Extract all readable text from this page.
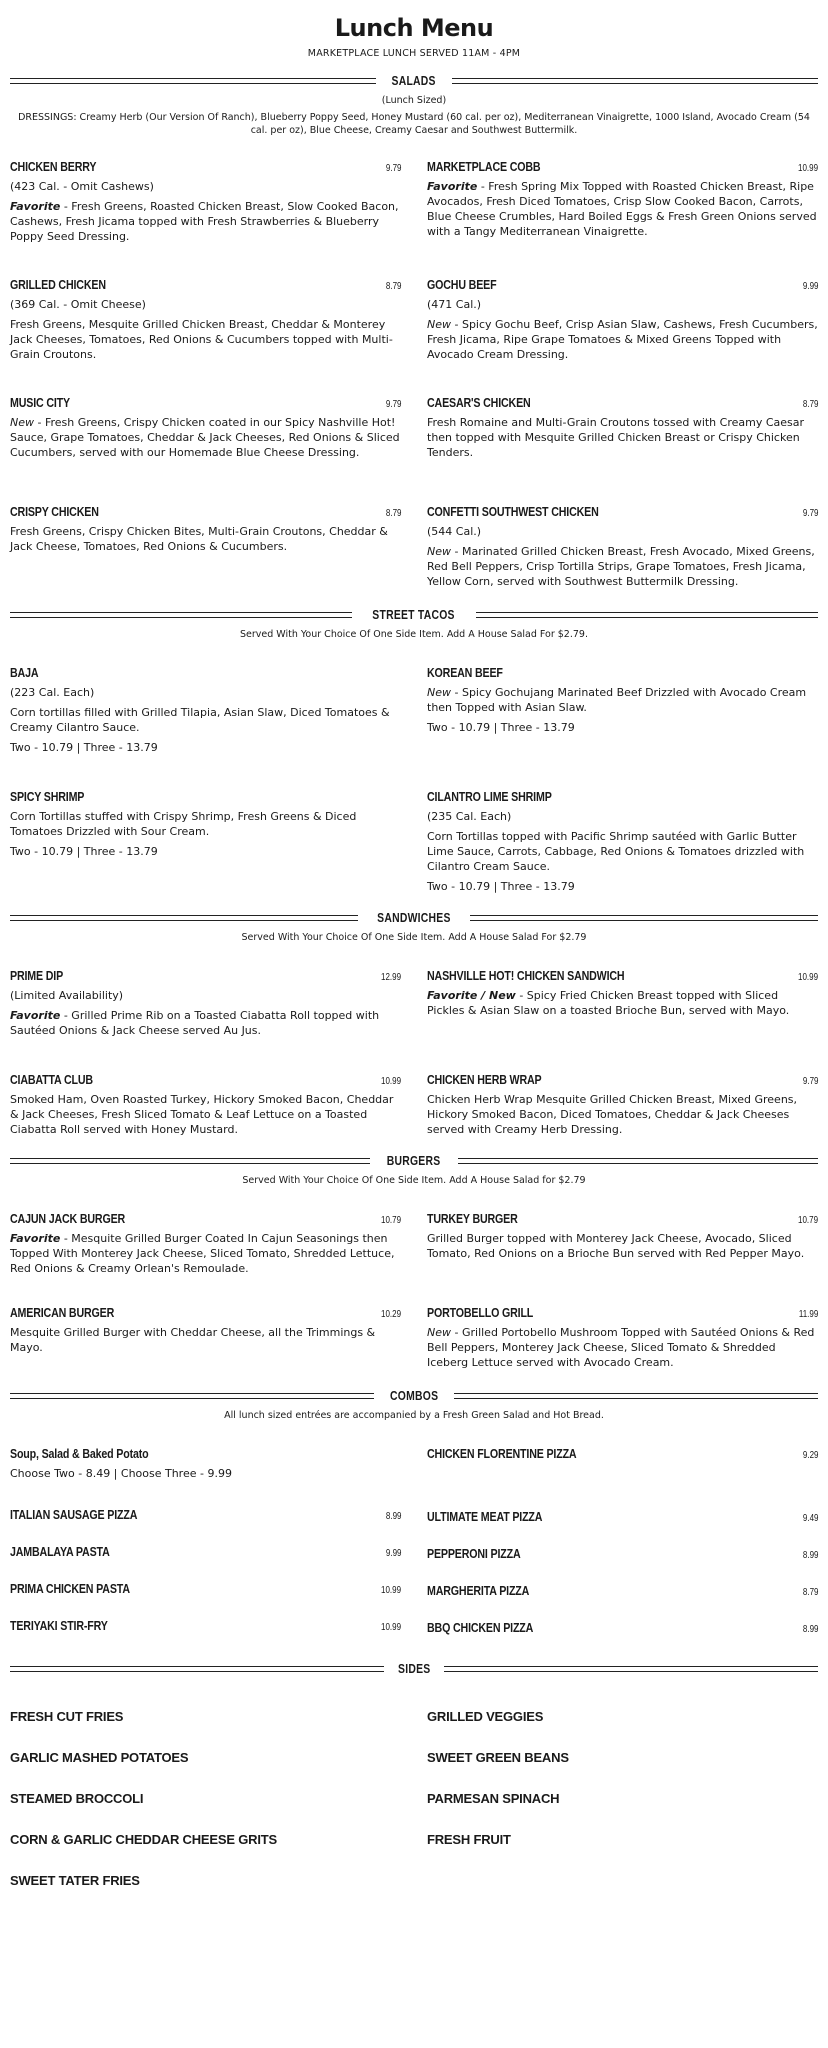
Lunch Menu
MARKETPLACE LUNCH SERVED 11AM - 4PM
SALADS
(Lunch Sized)
DRESSINGS: Creamy Herb (Our Version Of Ranch), Blueberry Poppy Seed, Honey Mustard (60 cal. per oz), Mediterranean Vinaigrette, 1000 Island, Avocado Cream (54 cal. per oz), Blue Cheese, Creamy Caesar and Southwest Buttermilk.
CHICKEN BERRY	9.79
(423 Cal. - Omit Cashews)
Favorite - Fresh Greens, Roasted Chicken Breast, Slow Cooked Bacon, Cashews, Fresh Jicama topped with Fresh Strawberries & Blueberry Poppy Seed Dressing.
GRILLED CHICKEN	8.79
(369 Cal. - Omit Cheese)
Fresh Greens, Mesquite Grilled Chicken Breast, Cheddar & Monterey Jack Cheeses, Tomatoes, Red Onions & Cucumbers topped with Multi-Grain Croutons.
MUSIC CITY	9.79
New - Fresh Greens, Crispy Chicken coated in our Spicy Nashville Hot! Sauce, Grape Tomatoes, Cheddar & Jack Cheeses, Red Onions & Sliced Cucumbers, served with our Homemade Blue Cheese Dressing.
CRISPY CHICKEN	8.79
Fresh Greens, Crispy Chicken Bites, Multi-Grain Croutons, Cheddar & Jack Cheese, Tomatoes, Red Onions & Cucumbers.
MARKETPLACE COBB	10.99
Favorite - Fresh Spring Mix Topped with Roasted Chicken Breast, Ripe Avocados, Fresh Diced Tomatoes, Crisp Slow Cooked Bacon, Carrots, Blue Cheese Crumbles, Hard Boiled Eggs & Fresh Green Onions served with a Tangy Mediterranean Vinaigrette.
GOCHU BEEF	9.99
(471 Cal.)
New - Spicy Gochu Beef, Crisp Asian Slaw, Cashews, Fresh Cucumbers, Fresh Jicama, Ripe Grape Tomatoes & Mixed Greens Topped with Avocado Cream Dressing.
CAESAR'S CHICKEN	8.79
Fresh Romaine and Multi-Grain Croutons tossed with Creamy Caesar then topped with Mesquite Grilled Chicken Breast or Crispy Chicken Tenders.
CONFETTI SOUTHWEST CHICKEN	9.79
(544 Cal.)
New - Marinated Grilled Chicken Breast, Fresh Avocado, Mixed Greens, Red Bell Peppers, Crisp Tortilla Strips, Grape Tomatoes, Fresh Jicama, Yellow Corn, served with Southwest Buttermilk Dressing.
STREET TACOS
Served With Your Choice Of One Side Item. Add A House Salad For $2.79.
BAJA
(223 Cal. Each)
Corn tortillas filled with Grilled Tilapia, Asian Slaw, Diced Tomatoes & Creamy Cilantro Sauce.
Two - 10.79 | Three - 13.79
SPICY SHRIMP
Corn Tortillas stuffed with Crispy Shrimp, Fresh Greens & Diced Tomatoes Drizzled with Sour Cream.
Two - 10.79 | Three - 13.79
KOREAN BEEF
New - Spicy Gochujang Marinated Beef Drizzled with Avocado Cream then Topped with Asian Slaw.
Two - 10.79 | Three - 13.79
CILANTRO LIME SHRIMP
(235 Cal. Each)
Corn Tortillas topped with Pacific Shrimp sautéed with Garlic Butter Lime Sauce, Carrots, Cabbage, Red Onions & Tomatoes drizzled with Cilantro Cream Sauce.
Two - 10.79 | Three - 13.79
SANDWICHES
Served With Your Choice Of One Side Item. Add A House Salad For $2.79
PRIME DIP	12.99
(Limited Availability)
Favorite - Grilled Prime Rib on a Toasted Ciabatta Roll topped with Sautéed Onions & Jack Cheese served Au Jus.
CIABATTA CLUB	10.99
Smoked Ham, Oven Roasted Turkey, Hickory Smoked Bacon, Cheddar & Jack Cheeses, Fresh Sliced Tomato & Leaf Lettuce on a Toasted Ciabatta Roll served with Honey Mustard.
NASHVILLE HOT! CHICKEN SANDWICH	10.99
Favorite / New - Spicy Fried Chicken Breast topped with Sliced Pickles & Asian Slaw on a toasted Brioche Bun, served with Mayo.
CHICKEN HERB WRAP	9.79
Chicken Herb Wrap Mesquite Grilled Chicken Breast, Mixed Greens, Hickory Smoked Bacon, Diced Tomatoes, Cheddar & Jack Cheeses served with Creamy Herb Dressing.
BURGERS
Served With Your Choice Of One Side Item. Add A House Salad for $2.79
CAJUN JACK BURGER	10.79
Favorite - Mesquite Grilled Burger Coated In Cajun Seasonings then Topped With Monterey Jack Cheese, Sliced Tomato, Shredded Lettuce, Red Onions & Creamy Orlean's Remoulade.
AMERICAN BURGER	10.29
Mesquite Grilled Burger with Cheddar Cheese, all the Trimmings & Mayo.
TURKEY BURGER	10.79
Grilled Burger topped with Monterey Jack Cheese, Avocado, Sliced Tomato, Red Onions on a Brioche Bun served with Red Pepper Mayo.
PORTOBELLO GRILL	11.99
New - Grilled Portobello Mushroom Topped with Sautéed Onions & Red Bell Peppers, Monterey Jack Cheese, Sliced Tomato & Shredded Iceberg Lettuce served with Avocado Cream.
COMBOS
All lunch sized entrées are accompanied by a Fresh Green Salad and Hot Bread.
Soup, Salad & Baked Potato
Choose Two - 8.49 | Choose Three - 9.99
ITALIAN SAUSAGE PIZZA	8.99
JAMBALAYA PASTA	9.99
PRIMA CHICKEN PASTA	10.99
TERIYAKI STIR-FRY	10.99
CHICKEN FLORENTINE PIZZA	9.29
ULTIMATE MEAT PIZZA	9.49
PEPPERONI PIZZA	8.99
MARGHERITA PIZZA	8.79
BBQ CHICKEN PIZZA	8.99
SIDES
FRESH CUT FRIES
GARLIC MASHED POTATOES
STEAMED BROCCOLI
CORN & GARLIC CHEDDAR CHEESE GRITS
SWEET TATER FRIES
GRILLED VEGGIES
SWEET GREEN BEANS
PARMESAN SPINACH
FRESH FRUIT
